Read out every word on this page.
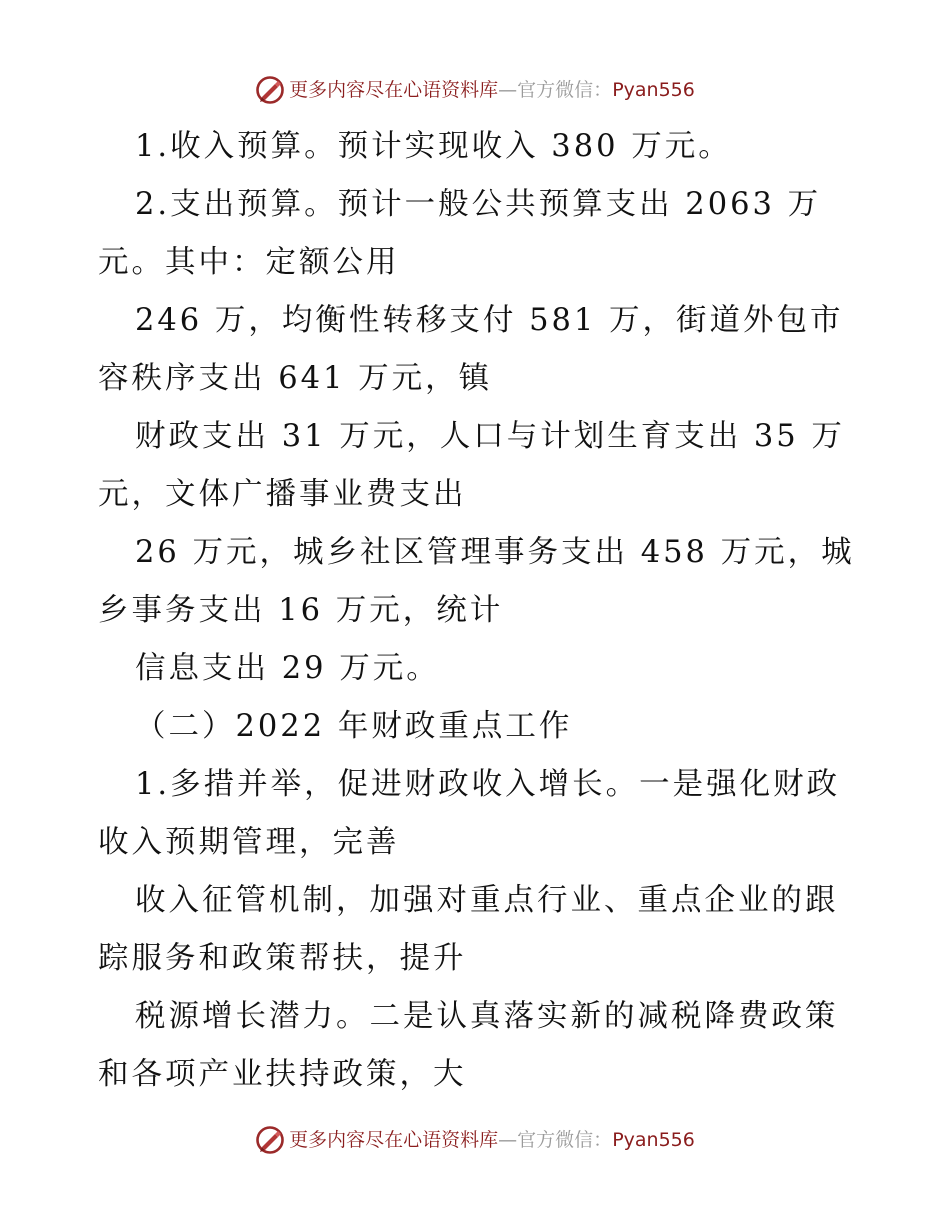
更多内容尽在心语资料库—官方微信：Pyan556
1.收入预算。预计实现收入 380 万元。
2.支出预算。预计一般公共预算支出 2063 万
元。其中：定额公用
246 万，均衡性转移支付 581 万，街道外包市
容秩序支出 641 万元，镇
财政支出 31 万元，人口与计划生育支出 35 万
元，文体广播事业费支出
26 万元，城乡社区管理事务支出 458 万元，城
乡事务支出 16 万元，统计
信息支出 29 万元。
（二）2022 年财政重点工作
1.多措并举，促进财政收入增长。一是强化财政
收入预期管理，完善
收入征管机制，加强对重点行业、重点企业的跟
踪服务和政策帮扶，提升
税源增长潜力。二是认真落实新的减税降费政策
和各项产业扶持政策，大
更多内容尽在心语资料库—官方微信：Pyan556
